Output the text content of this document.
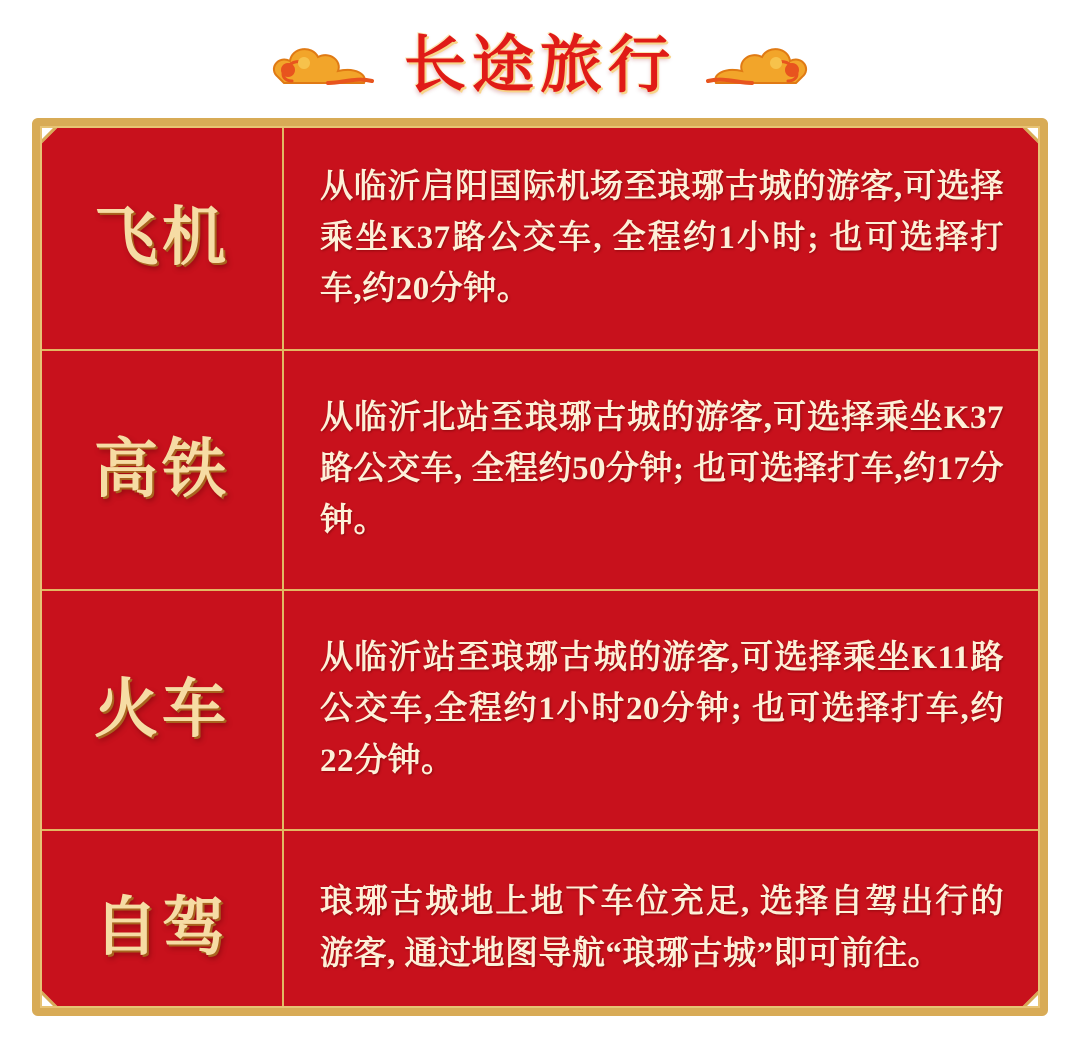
长途旅行
飞机	从临沂启阳国际机场至琅琊古城的游客,可选择乘坐K37路公交车, 全程约1小时; 也可选择打车,约20分钟。

高铁	从临沂北站至琅琊古城的游客,可选择乘坐K37路公交车, 全程约50分钟; 也可选择打车,约17分钟。

火车	从临沂站至琅琊古城的游客,可选择乘坐K11路公交车,全程约1小时20分钟; 也可选择打车,约22分钟。

自驾	琅琊古城地上地下车位充足, 选择自驾出行的游客, 通过地图导航“琅琊古城”即可前往。
